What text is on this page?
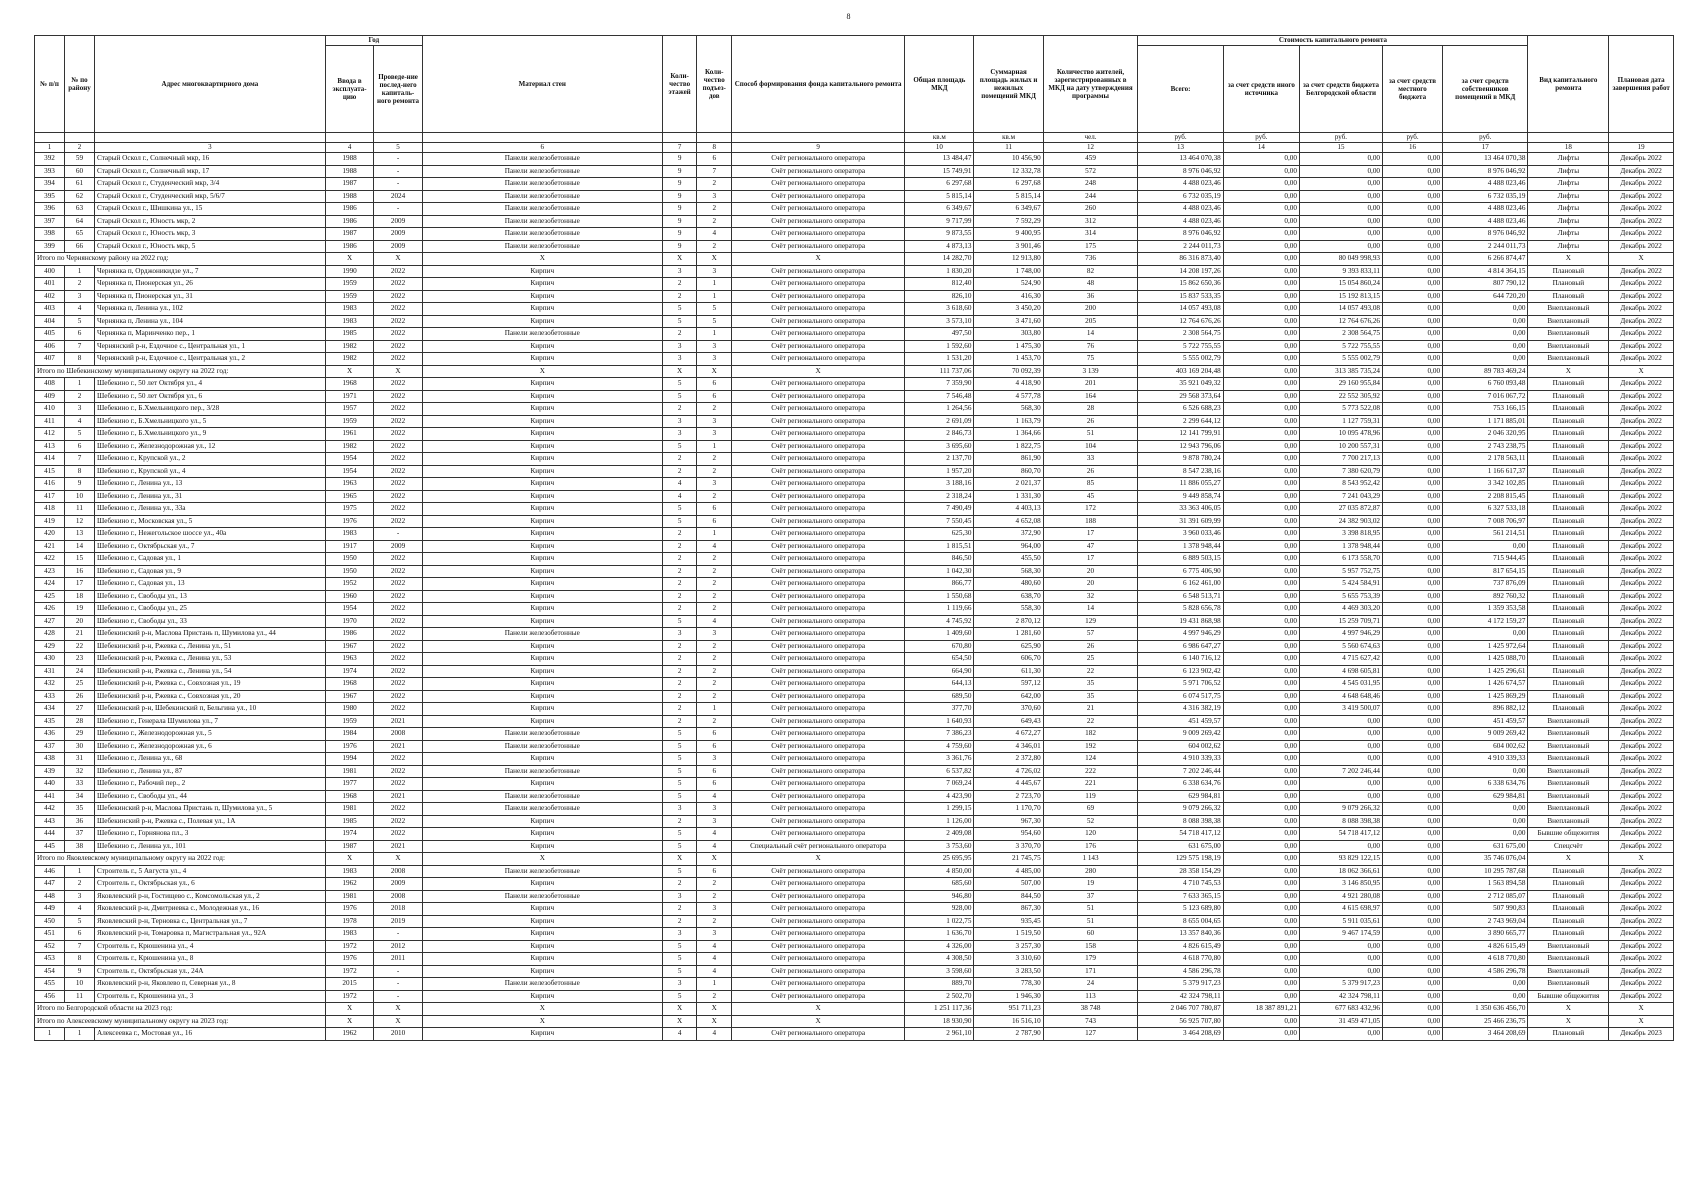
8
№ п/п	№ по району	Адрес многоквартирного дома	Год		Материал стен	Коли-чество этажей	Коли-чество подъез-дов	Способ формирования фонда капитального ремонта	Общая площадь МКД	Суммарная площадь жилых и нежилых помещений МКД	Количество жителей, зарегистрированных в МКД на дату утверждения программы	Стоимость капитального ремонта					Вид капитального ремонта	Плановая дата завершения работ
			Ввода в эксплуата-цию	Проведе-ние послед-него капиталь-ного ремонта								Всего:	за счет средств иного источника	за счет средств бюджета Белгородской области	за счет средств местного бюджета	за счет средств собственников помещений в МКД		
									кв.м	кв.м	чел.	руб.	руб.	руб.	руб.	руб.		
1	2	3	4	5	6	7	8	9	10	11	12	13	14	15	16	17	18	19
392	59	Старый Оскол г., Солнечный мкр, 16	1988	-	Панели железобетонные	9	6	Счёт регионального оператора	13 484,47	10 456,90	459	13 464 070,38	0,00	0,00	0,00	13 464 070,38	Лифты	Декабрь 2022
393	60	Старый Оскол г., Солнечный мкр, 17	1988	-	Панели железобетонные	9	7	Счёт регионального оператора	15 749,91	12 332,78	572	8 976 046,92	0,00	0,00	0,00	8 976 046,92	Лифты	Декабрь 2022
394	61	Старый Оскол г., Студенческий мкр, 3/4	1987	-	Панели железобетонные	9	2	Счёт регионального оператора	6 297,68	6 297,68	248	4 488 023,46	0,00	0,00	0,00	4 488 023,46	Лифты	Декабрь 2022
395	62	Старый Оскол г., Студенческий мкр, 5/6/7	1988	2024	Панели железобетонные	9	3	Счёт регионального оператора	5 815,14	5 815,14	244	6 732 035,19	0,00	0,00	0,00	6 732 035,19	Лифты	Декабрь 2022
396	63	Старый Оскол г., Шишкина ул., 15	1986	-	Панели железобетонные	9	2	Счёт регионального оператора	6 349,67	6 349,67	260	4 488 023,46	0,00	0,00	0,00	4 488 023,46	Лифты	Декабрь 2022
397	64	Старый Оскол г., Юность мкр, 2	1986	2009	Панели железобетонные	9	2	Счёт регионального оператора	9 717,99	7 592,29	312	4 488 023,46	0,00	0,00	0,00	4 488 023,46	Лифты	Декабрь 2022
398	65	Старый Оскол г., Юность мкр, 3	1987	2009	Панели железобетонные	9	4	Счёт регионального оператора	9 873,55	9 400,95	314	8 976 046,92	0,00	0,00	0,00	8 976 046,92	Лифты	Декабрь 2022
399	66	Старый Оскол г., Юность мкр, 5	1986	2009	Панели железобетонные	9	2	Счёт регионального оператора	4 873,13	3 901,46	175	2 244 011,73	0,00	0,00	0,00	2 244 011,73	Лифты	Декабрь 2022
Итого по Чернянскому району на 2022 год:			X	X	X	X	X	X	14 282,70	12 913,80	736	86 316 873,40	0,00	80 049 998,93	0,00	6 266 874,47	X	X
400	1	Чернянка п, Орджоникидзе ул., 7	1990	2022	Кирпич	3	3	Счёт регионального оператора	1 830,20	1 748,00	82	14 208 197,26	0,00	9 393 833,11	0,00	4 814 364,15	Плановый	Декабрь 2022
401	2	Чернянка п, Пионерская ул., 26	1959	2022	Кирпич	2	1	Счёт регионального оператора	812,40	524,90	48	15 862 650,36	0,00	15 054 860,24	0,00	807 790,12	Плановый	Декабрь 2022
402	3	Чернянка п, Пионерская ул., 31	1959	2022	Кирпич	2	1	Счёт регионального оператора	826,10	416,30	36	15 837 533,35	0,00	15 192 813,15	0,00	644 720,20	Плановый	Декабрь 2022
403	4	Чернянка п, Ленина ул., 102	1983	2022	Кирпич	5	5	Счёт регионального оператора	3 618,60	3 450,20	200	14 057 493,08	0,00	14 057 493,08	0,00	0,00	Внеплановый	Декабрь 2022
404	5	Чернянка п, Ленина ул., 104	1983	2022	Кирпич	5	5	Счёт регионального оператора	3 573,10	3 471,60	205	12 764 676,26	0,00	12 764 676,26	0,00	0,00	Внеплановый	Декабрь 2022
405	6	Чернянка п, Маринченко пер., 1	1985	2022	Панели железобетонные	2	1	Счёт регионального оператора	497,50	303,80	14	2 308 564,75	0,00	2 308 564,75	0,00	0,00	Внеплановый	Декабрь 2022
406	7	Чернянский р-н, Ездочное с., Центральная ул., 1	1982	2022	Кирпич	3	3	Счёт регионального оператора	1 592,60	1 475,30	76	5 722 755,55	0,00	5 722 755,55	0,00	0,00	Внеплановый	Декабрь 2022
407	8	Чернянский р-н, Ездочное с., Центральная ул., 2	1982	2022	Кирпич	3	3	Счёт регионального оператора	1 531,20	1 453,70	75	5 555 002,79	0,00	5 555 002,79	0,00	0,00	Внеплановый	Декабрь 2022
Итого по Шебекинскому муниципальному округу на 2022 год:			X	X	X	X	X	X	111 737,06	70 092,39	3 139	403 169 204,48	0,00	313 385 735,24	0,00	89 783 469,24	X	X
408	1	Шебекино г., 50 лет Октября ул., 4	1968	2022	Кирпич	5	6	Счёт регионального оператора	7 359,90	4 418,90	201	35 921 049,32	0,00	29 160 955,84	0,00	6 760 093,48	Плановый	Декабрь 2022
409	2	Шебекино г., 50 лет Октября ул., 6	1971	2022	Кирпич	5	6	Счёт регионального оператора	7 546,48	4 577,78	164	29 568 373,64	0,00	22 552 305,92	0,00	7 016 067,72	Плановый	Декабрь 2022
410	3	Шебекино г., Б.Хмельницкого пер., 3/28	1957	2022	Кирпич	2	2	Счёт регионального оператора	1 264,56	568,30	28	6 526 688,23	0,00	5 773 522,08	0,00	753 166,15	Плановый	Декабрь 2022
411	4	Шебекино г., Б.Хмельницкого ул., 5	1959	2022	Кирпич	3	3	Счёт регионального оператора	2 691,09	1 163,79	26	2 299 644,12	0,00	1 127 759,31	0,00	1 171 885,01	Плановый	Декабрь 2022
412	5	Шебекино г., Б.Хмельницкого ул., 9	1961	2022	Кирпич	3	3	Счёт регионального оператора	2 846,73	1 364,66	51	12 141 799,91	0,00	10 095 478,96	0,00	2 046 320,95	Плановый	Декабрь 2022
413	6	Шебекино г., Железнодорожная ул., 12	1982	2022	Кирпич	5	1	Счёт регионального оператора	3 695,60	1 822,75	104	12 943 796,06	0,00	10 200 557,31	0,00	2 743 238,75	Плановый	Декабрь 2022
414	7	Шебекино г., Крупской ул., 2	1954	2022	Кирпич	2	2	Счёт регионального оператора	2 137,70	861,90	33	9 878 780,24	0,00	7 700 217,13	0,00	2 178 563,11	Плановый	Декабрь 2022
415	8	Шебекино г., Крупской ул., 4	1954	2022	Кирпич	2	2	Счёт регионального оператора	1 957,20	860,70	26	8 547 238,16	0,00	7 380 620,79	0,00	1 166 617,37	Плановый	Декабрь 2022
416	9	Шебекино г., Ленина ул., 13	1963	2022	Кирпич	4	3	Счёт регионального оператора	3 188,16	2 021,37	85	11 886 055,27	0,00	8 543 952,42	0,00	3 342 102,85	Плановый	Декабрь 2022
417	10	Шебекино г., Ленина ул., 31	1965	2022	Кирпич	4	2	Счёт регионального оператора	2 318,24	1 331,30	45	9 449 858,74	0,00	7 241 043,29	0,00	2 208 815,45	Плановый	Декабрь 2022
418	11	Шебекино г., Ленина ул., 33а	1975	2022	Кирпич	5	6	Счёт регионального оператора	7 490,49	4 403,13	172	33 363 406,05	0,00	27 035 872,87	0,00	6 327 533,18	Плановый	Декабрь 2022
419	12	Шебекино г., Московская ул., 5	1976	2022	Кирпич	5	6	Счёт регионального оператора	7 550,45	4 652,08	188	31 391 609,99	0,00	24 382 903,02	0,00	7 008 706,97	Плановый	Декабрь 2022
420	13	Шебекино г., Нежегольское шоссе ул., 40а	1983	-	Кирпич	2	1	Счёт регионального оператора	625,30	372,90	17	3 960 033,46	0,00	3 398 818,95	0,00	561 214,51	Плановый	Декабрь 2022
421	14	Шебекино г., Октябрьская ул., 7	1917	2009	Кирпич	2	4	Счёт регионального оператора	1 815,51	964,00	47	1 378 948,44	0,00	1 378 948,44	0,00	0,00	Плановый	Декабрь 2022
422	15	Шебекино г., Садовая ул., 1	1950	2022	Кирпич	2	2	Счёт регионального оператора	846,50	455,50	17	6 889 503,15	0,00	6 173 558,70	0,00	715 944,45	Плановый	Декабрь 2022
423	16	Шебекино г., Садовая ул., 9	1950	2022	Кирпич	2	2	Счёт регионального оператора	1 042,30	568,30	20	6 775 406,90	0,00	5 957 752,75	0,00	817 654,15	Плановый	Декабрь 2022
424	17	Шебекино г., Садовая ул., 13	1952	2022	Кирпич	2	2	Счёт регионального оператора	866,77	480,60	20	6 162 461,00	0,00	5 424 584,91	0,00	737 876,09	Плановый	Декабрь 2022
425	18	Шебекино г., Свободы ул., 13	1960	2022	Кирпич	2	2	Счёт регионального оператора	1 550,68	638,70	32	6 548 513,71	0,00	5 655 753,39	0,00	892 760,32	Плановый	Декабрь 2022
426	19	Шебекино г., Свободы ул., 25	1954	2022	Кирпич	2	2	Счёт регионального оператора	1 119,66	558,30	14	5 828 656,78	0,00	4 469 303,20	0,00	1 359 353,58	Плановый	Декабрь 2022
427	20	Шебекино г., Свободы ул., 33	1970	2022	Кирпич	5	4	Счёт регионального оператора	4 745,92	2 870,12	129	19 431 868,98	0,00	15 259 709,71	0,00	4 172 159,27	Плановый	Декабрь 2022
428	21	Шебекинский р-н, Маслова Пристань п, Шумилова ул., 44	1986	2022	Панели железобетонные	3	3	Счёт регионального оператора	1 409,60	1 281,60	57	4 997 946,29	0,00	4 997 946,29	0,00	0,00	Плановый	Декабрь 2022
429	22	Шебекинский р-н, Ржевка с., Ленина ул., 51	1967	2022	Кирпич	2	2	Счёт регионального оператора	670,80	625,90	26	6 986 647,27	0,00	5 560 674,63	0,00	1 425 972,64	Плановый	Декабрь 2022
430	23	Шебекинский р-н, Ржевка с., Ленина ул., 53	1963	2022	Кирпич	2	2	Счёт регионального оператора	654,50	606,70	25	6 140 716,12	0,00	4 715 627,42	0,00	1 425 088,70	Плановый	Декабрь 2022
431	24	Шебекинский р-н, Ржевка с., Ленина ул., 54	1974	2022	Кирпич	2	2	Счёт регионального оператора	664,90	611,30	22	6 123 902,42	0,00	4 698 605,81	0,00	1 425 296,61	Плановый	Декабрь 2022
432	25	Шебекинский р-н, Ржевка с., Совхозная ул., 19	1968	2022	Кирпич	2	2	Счёт регионального оператора	644,13	597,12	35	5 971 706,52	0,00	4 545 031,95	0,00	1 426 674,57	Плановый	Декабрь 2022
433	26	Шебекинский р-н, Ржевка с., Совхозная ул., 20	1967	2022	Кирпич	2	2	Счёт регионального оператора	689,50	642,00	35	6 074 517,75	0,00	4 648 648,46	0,00	1 425 869,29	Плановый	Декабрь 2022
434	27	Шебекинский р-н, Шебекинский п, Бельгина ул., 10	1980	2022	Кирпич	2	1	Счёт регионального оператора	377,70	370,60	21	4 316 382,19	0,00	3 419 500,07	0,00	896 882,12	Плановый	Декабрь 2022
435	28	Шебекино г., Генерала Шумилова ул., 7	1959	2021	Кирпич	2	2	Счёт регионального оператора	1 640,93	649,43	22	451 459,57	0,00	0,00	0,00	451 459,57	Внеплановый	Декабрь 2022
436	29	Шебекино г., Железнодорожная ул., 5	1984	2008	Панели железобетонные	5	6	Счёт регионального оператора	7 386,23	4 672,27	182	9 009 269,42	0,00	0,00	0,00	9 009 269,42	Внеплановый	Декабрь 2022
437	30	Шебекино г., Железнодорожная ул., 6	1976	2021	Панели железобетонные	5	6	Счёт регионального оператора	4 759,60	4 346,01	192	604 002,62	0,00	0,00	0,00	604 002,62	Внеплановый	Декабрь 2022
438	31	Шебекино г., Ленина ул., 68	1994	2022	Кирпич	5	3	Счёт регионального оператора	3 361,76	2 372,80	124	4 910 339,33	0,00	0,00	0,00	4 910 339,33	Внеплановый	Декабрь 2022
439	32	Шебекино г., Ленина ул., 87	1981	2022	Панели железобетонные	5	6	Счёт регионального оператора	6 537,82	4 726,02	222	7 202 246,44	0,00	7 202 246,44	0,00	0,00	Внеплановый	Декабрь 2022
440	33	Шебекино г., Рабочий пер., 2	1977	2022	Кирпич	5	6	Счёт регионального оператора	7 069,24	4 445,67	221	6 338 634,76	0,00	0,00	0,00	6 338 634,76	Внеплановый	Декабрь 2022
441	34	Шебекино г., Свободы ул., 44	1968	2021	Панели железобетонные	5	4	Счёт регионального оператора	4 423,90	2 723,70	119	629 984,81	0,00	0,00	0,00	629 984,81	Внеплановый	Декабрь 2022
442	35	Шебекинский р-н, Маслова Пристань п, Шумилова ул., 5	1981	2022	Панели железобетонные	3	3	Счёт регионального оператора	1 299,15	1 170,70	69	9 079 266,32	0,00	9 079 266,32	0,00	0,00	Внеплановый	Декабрь 2022
443	36	Шебекинский р-н, Ржевка с., Полевая ул., 1А	1985	2022	Кирпич	2	3	Счёт регионального оператора	1 126,00	967,30	52	8 088 398,38	0,00	8 088 398,38	0,00	0,00	Внеплановый	Декабрь 2022
444	37	Шебекино г., Горнянова пл., 3	1974	2022	Кирпич	5	4	Счёт регионального оператора	2 409,08	954,60	120	54 718 417,12	0,00	54 718 417,12	0,00	0,00	Бывшие общежития	Декабрь 2022
445	38	Шебекино г., Ленина ул., 101	1987	2021	Кирпич	5	4	Специальный счёт регионального оператора	3 753,60	3 370,70	176	631 675,00	0,00	0,00	0,00	631 675,00	Спецсчёт	Декабрь 2022
Итого по Яковлевскому муниципальному округу на 2022 год:			X	X	X	X	X	X	25 695,95	21 745,75	1 143	129 575 198,19	0,00	93 829 122,15	0,00	35 746 076,04	X	X
446	1	Строитель г., 5 Августа ул., 4	1983	2008	Панели железобетонные	5	6	Счёт регионального оператора	4 850,00	4 485,00	280	28 358 154,29	0,00	18 062 366,61	0,00	10 295 787,68	Плановый	Декабрь 2022
447	2	Строитель г., Октябрьская ул., 6	1962	2009	Кирпич	2	2	Счёт регионального оператора	685,60	507,00	19	4 710 745,53	0,00	3 146 850,95	0,00	1 563 894,58	Плановый	Декабрь 2022
448	3	Яковлевский р-н, Гостищево с., Комсомольская ул., 2	1981	2008	Панели железобетонные	3	2	Счёт регионального оператора	946,80	844,50	37	7 633 365,15	0,00	4 921 280,08	0,00	2 712 085,07	Плановый	Декабрь 2022
449	4	Яковлевский р-н, Дмитриевка с., Молодежная ул., 16	1976	2018	Кирпич	2	3	Счёт регионального оператора	928,00	867,30	51	5 123 689,80	0,00	4 615 698,97	0,00	507 990,83	Плановый	Декабрь 2022
450	5	Яковлевский р-н, Терновка с., Центральная ул., 7	1978	2019	Кирпич	2	2	Счёт регионального оператора	1 022,75	935,45	51	8 655 004,65	0,00	5 911 035,61	0,00	2 743 969,04	Плановый	Декабрь 2022
451	6	Яковлевский р-н, Томаровка п, Магистральная ул., 92А	1983	-	Кирпич	3	3	Счёт регионального оператора	1 636,70	1 519,50	60	13 357 840,36	0,00	9 467 174,59	0,00	3 890 665,77	Плановый	Декабрь 2022
452	7	Строитель г., Крюшенина ул., 4	1972	2012	Кирпич	5	4	Счёт регионального оператора	4 326,00	3 257,30	158	4 826 615,49	0,00	0,00	0,00	4 826 615,49	Внеплановый	Декабрь 2022
453	8	Строитель г., Крюшенина ул., 8	1976	2011	Кирпич	5	4	Счёт регионального оператора	4 308,50	3 310,60	179	4 618 770,80	0,00	0,00	0,00	4 618 770,80	Внеплановый	Декабрь 2022
454	9	Строитель г., Октябрьская ул., 24А	1972	-	Кирпич	5	4	Счёт регионального оператора	3 598,60	3 283,50	171	4 586 296,78	0,00	0,00	0,00	4 586 296,78	Внеплановый	Декабрь 2022
455	10	Яковлевский р-н, Яковлево п, Северная ул., 8	2015	-	Панели железобетонные	3	1	Счёт регионального оператора	889,70	778,30	24	5 379 917,23	0,00	5 379 917,23	0,00	0,00	Внеплановый	Декабрь 2022
456	11	Строитель г., Крюшенина ул., 3	1972	-	Кирпич	5	2	Счёт регионального оператора	2 502,70	1 946,30	113	42 324 798,11	0,00	42 324 798,11	0,00	0,00	Бывшие общежития	Декабрь 2022
Итого по Белгородской области на 2023 год:			X	X	X	X	X	X	1 251 117,36	951 711,23	38 748	2 046 707 780,87	18 387 891,21	677 683 432,96	0,00	1 350 636 456,70	X	X
Итого по Алексеевскому муниципальному округу на 2023 год:			X	X	X	X	X	X	18 930,90	16 516,10	743	56 925 707,80	0,00	31 459 471,05	0,00	25 466 236,75	X	X
1	1	Алексеевка г., Мостовая ул., 16	1962	2010	Кирпич	4	4	Счёт регионального оператора	2 961,10	2 787,90	127	3 464 208,69	0,00	0,00	0,00	3 464 208,69	Плановый	Декабрь 2023
